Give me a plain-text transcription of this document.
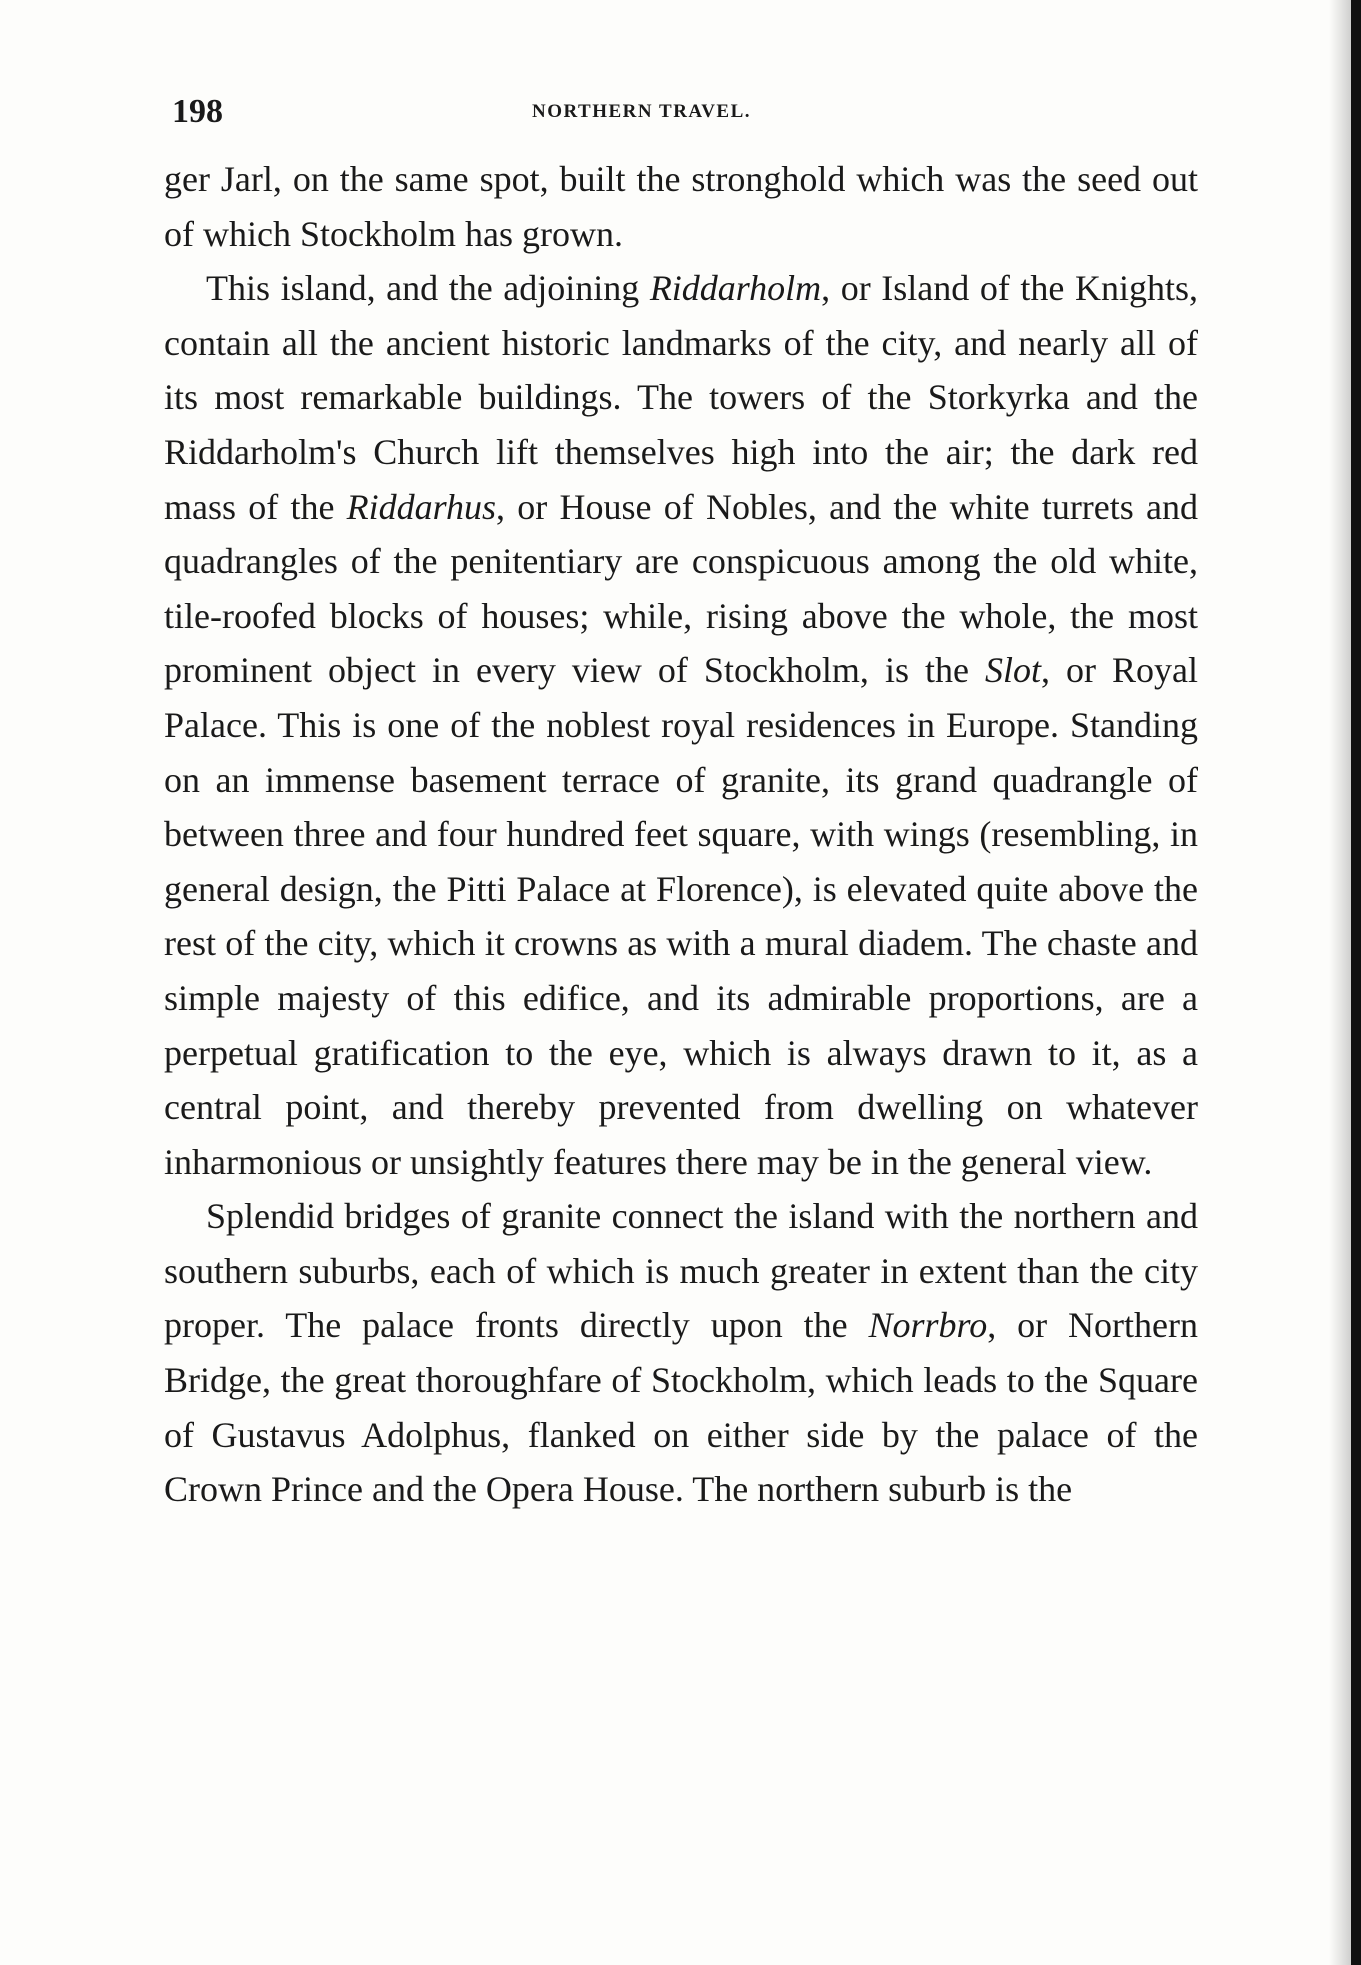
198	NORTHERN TRAVEL.

ger Jarl, on the same spot, built the stronghold which was the seed out of which Stockholm has grown.

This island, and the adjoining Riddarholm, or Island of the Knights, contain all the ancient historic landmarks of the city, and nearly all of its most remarkable buildings. The towers of the Storkyrka and the Riddarholm's Church lift themselves high into the air; the dark red mass of the Riddarhus, or House of Nobles, and the white turrets and quadrangles of the penitentiary are conspicuous among the old white, tile-roofed blocks of houses; while, rising above the whole, the most prominent object in every view of Stockholm, is the Slot, or Royal Palace. This is one of the noblest royal residences in Europe. Standing on an immense basement terrace of granite, its grand quadrangle of between three and four hundred feet square, with wings (resembling, in general design, the Pitti Palace at Florence), is elevated quite above the rest of the city, which it crowns as with a mural diadem. The chaste and simple majesty of this edifice, and its admirable proportions, are a perpetual gratification to the eye, which is always drawn to it, as a central point, and thereby prevented from dwelling on whatever inharmonious or unsightly features there may be in the general view.

Splendid bridges of granite connect the island with the northern and southern suburbs, each of which is much greater in extent than the city proper. The palace fronts directly upon the Norrbro, or Northern Bridge, the great thoroughfare of Stockholm, which leads to the Square of Gustavus Adolphus, flanked on either side by the palace of the Crown Prince and the Opera House. The northern suburb is the
